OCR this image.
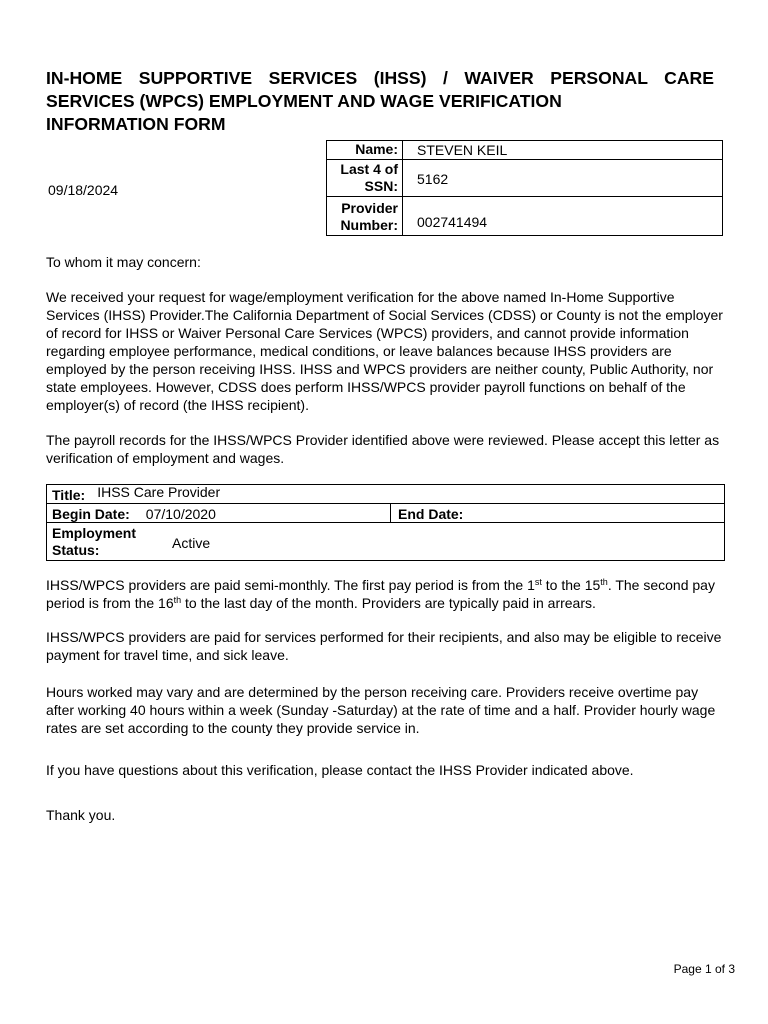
IN-HOME SUPPORTIVE SERVICES (IHSS) / WAIVER PERSONAL CARE
SERVICES (WPCS) EMPLOYMENT AND WAGE VERIFICATION
INFORMATION FORM
Name:	STEVEN KEIL
Last 4 of
SSN:	5162
Provider
Number:	002741494
09/18/2024

To whom it may concern:

We received your request for wage/employment verification for the above named In-Home Supportive Services (IHSS) Provider.The California Department of Social Services (CDSS) or County is not the employer of record for IHSS or Waiver Personal Care Services (WPCS) providers, and cannot provide information regarding employee performance, medical conditions, or leave balances because IHSS providers are employed by the person receiving IHSS. IHSS and WPCS providers are neither county, Public Authority, nor state employees. However, CDSS does perform IHSS/WPCS provider payroll functions on behalf of the employer(s) of record (the IHSS recipient).

The payroll records for the IHSS/WPCS Provider identified above were reviewed. Please accept this letter as verification of employment and wages.

Title: IHSS Care Provider
Begin Date: 07/10/2020	End Date:
Employment
Status:	Active

IHSS/WPCS providers are paid semi-monthly. The first pay period is from the 1st to the 15th. The second pay period is from the 16th to the last day of the month. Providers are typically paid in arrears.

IHSS/WPCS providers are paid for services performed for their recipients, and also may be eligible to receive payment for travel time, and sick leave.

Hours worked may vary and are determined by the person receiving care. Providers receive overtime pay after working 40 hours within a week (Sunday -Saturday) at the rate of time and a half. Provider hourly wage rates are set according to the county they provide service in.

If you have questions about this verification, please contact the IHSS Provider indicated above.

Thank you.

Page 1 of 3
